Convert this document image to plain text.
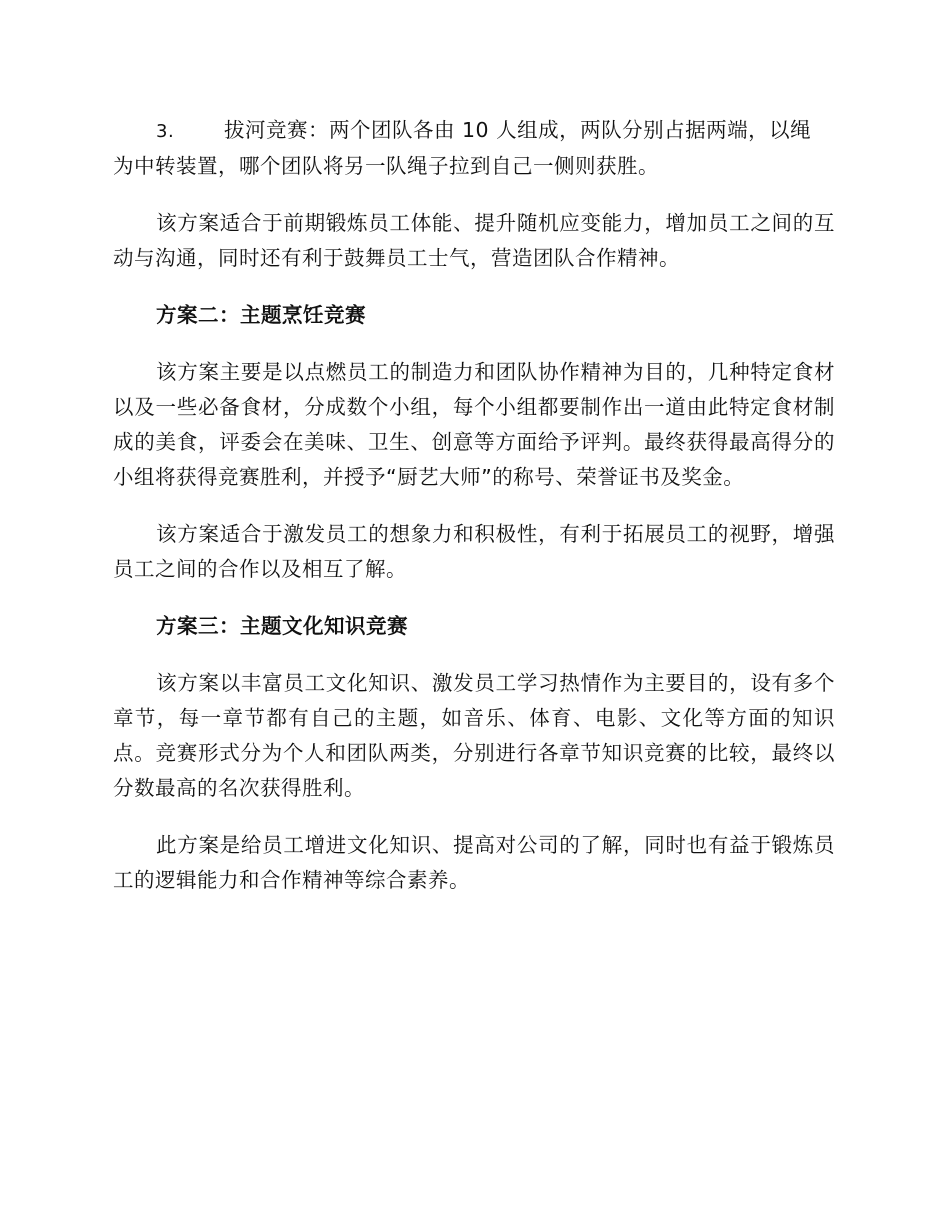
3.	拔河竞赛：两个团队各由 10 人组成，两队分别占据两端，以绳

为中转装置，哪个团队将另一队绳子拉到自己一侧则获胜。

该方案适合于前期锻炼员工体能、提升随机应变能力，增加员工之间的互动与沟通，同时还有利于鼓舞员工士气，营造团队合作精神。

方案二：主题烹饪竞赛

该方案主要是以点燃员工的制造力和团队协作精神为目的，几种特定食材以及一些必备食材，分成数个小组，每个小组都要制作出一道由此特定食材制成的美食，评委会在美味、卫生、创意等方面给予评判。最终获得最高得分的小组将获得竞赛胜利，并授予“厨艺大师”的称号、荣誉证书及奖金。

该方案适合于激发员工的想象力和积极性，有利于拓展员工的视野，增强员工之间的合作以及相互了解。

方案三：主题文化知识竞赛

该方案以丰富员工文化知识、激发员工学习热情作为主要目的，设有多个章节，每一章节都有自己的主题，如音乐、体育、电影、文化等方面的知识点。竞赛形式分为个人和团队两类，分别进行各章节知识竞赛的比较，最终以分数最高的名次获得胜利。

此方案是给员工增进文化知识、提高对公司的了解，同时也有益于锻炼员工的逻辑能力和合作精神等综合素养。
